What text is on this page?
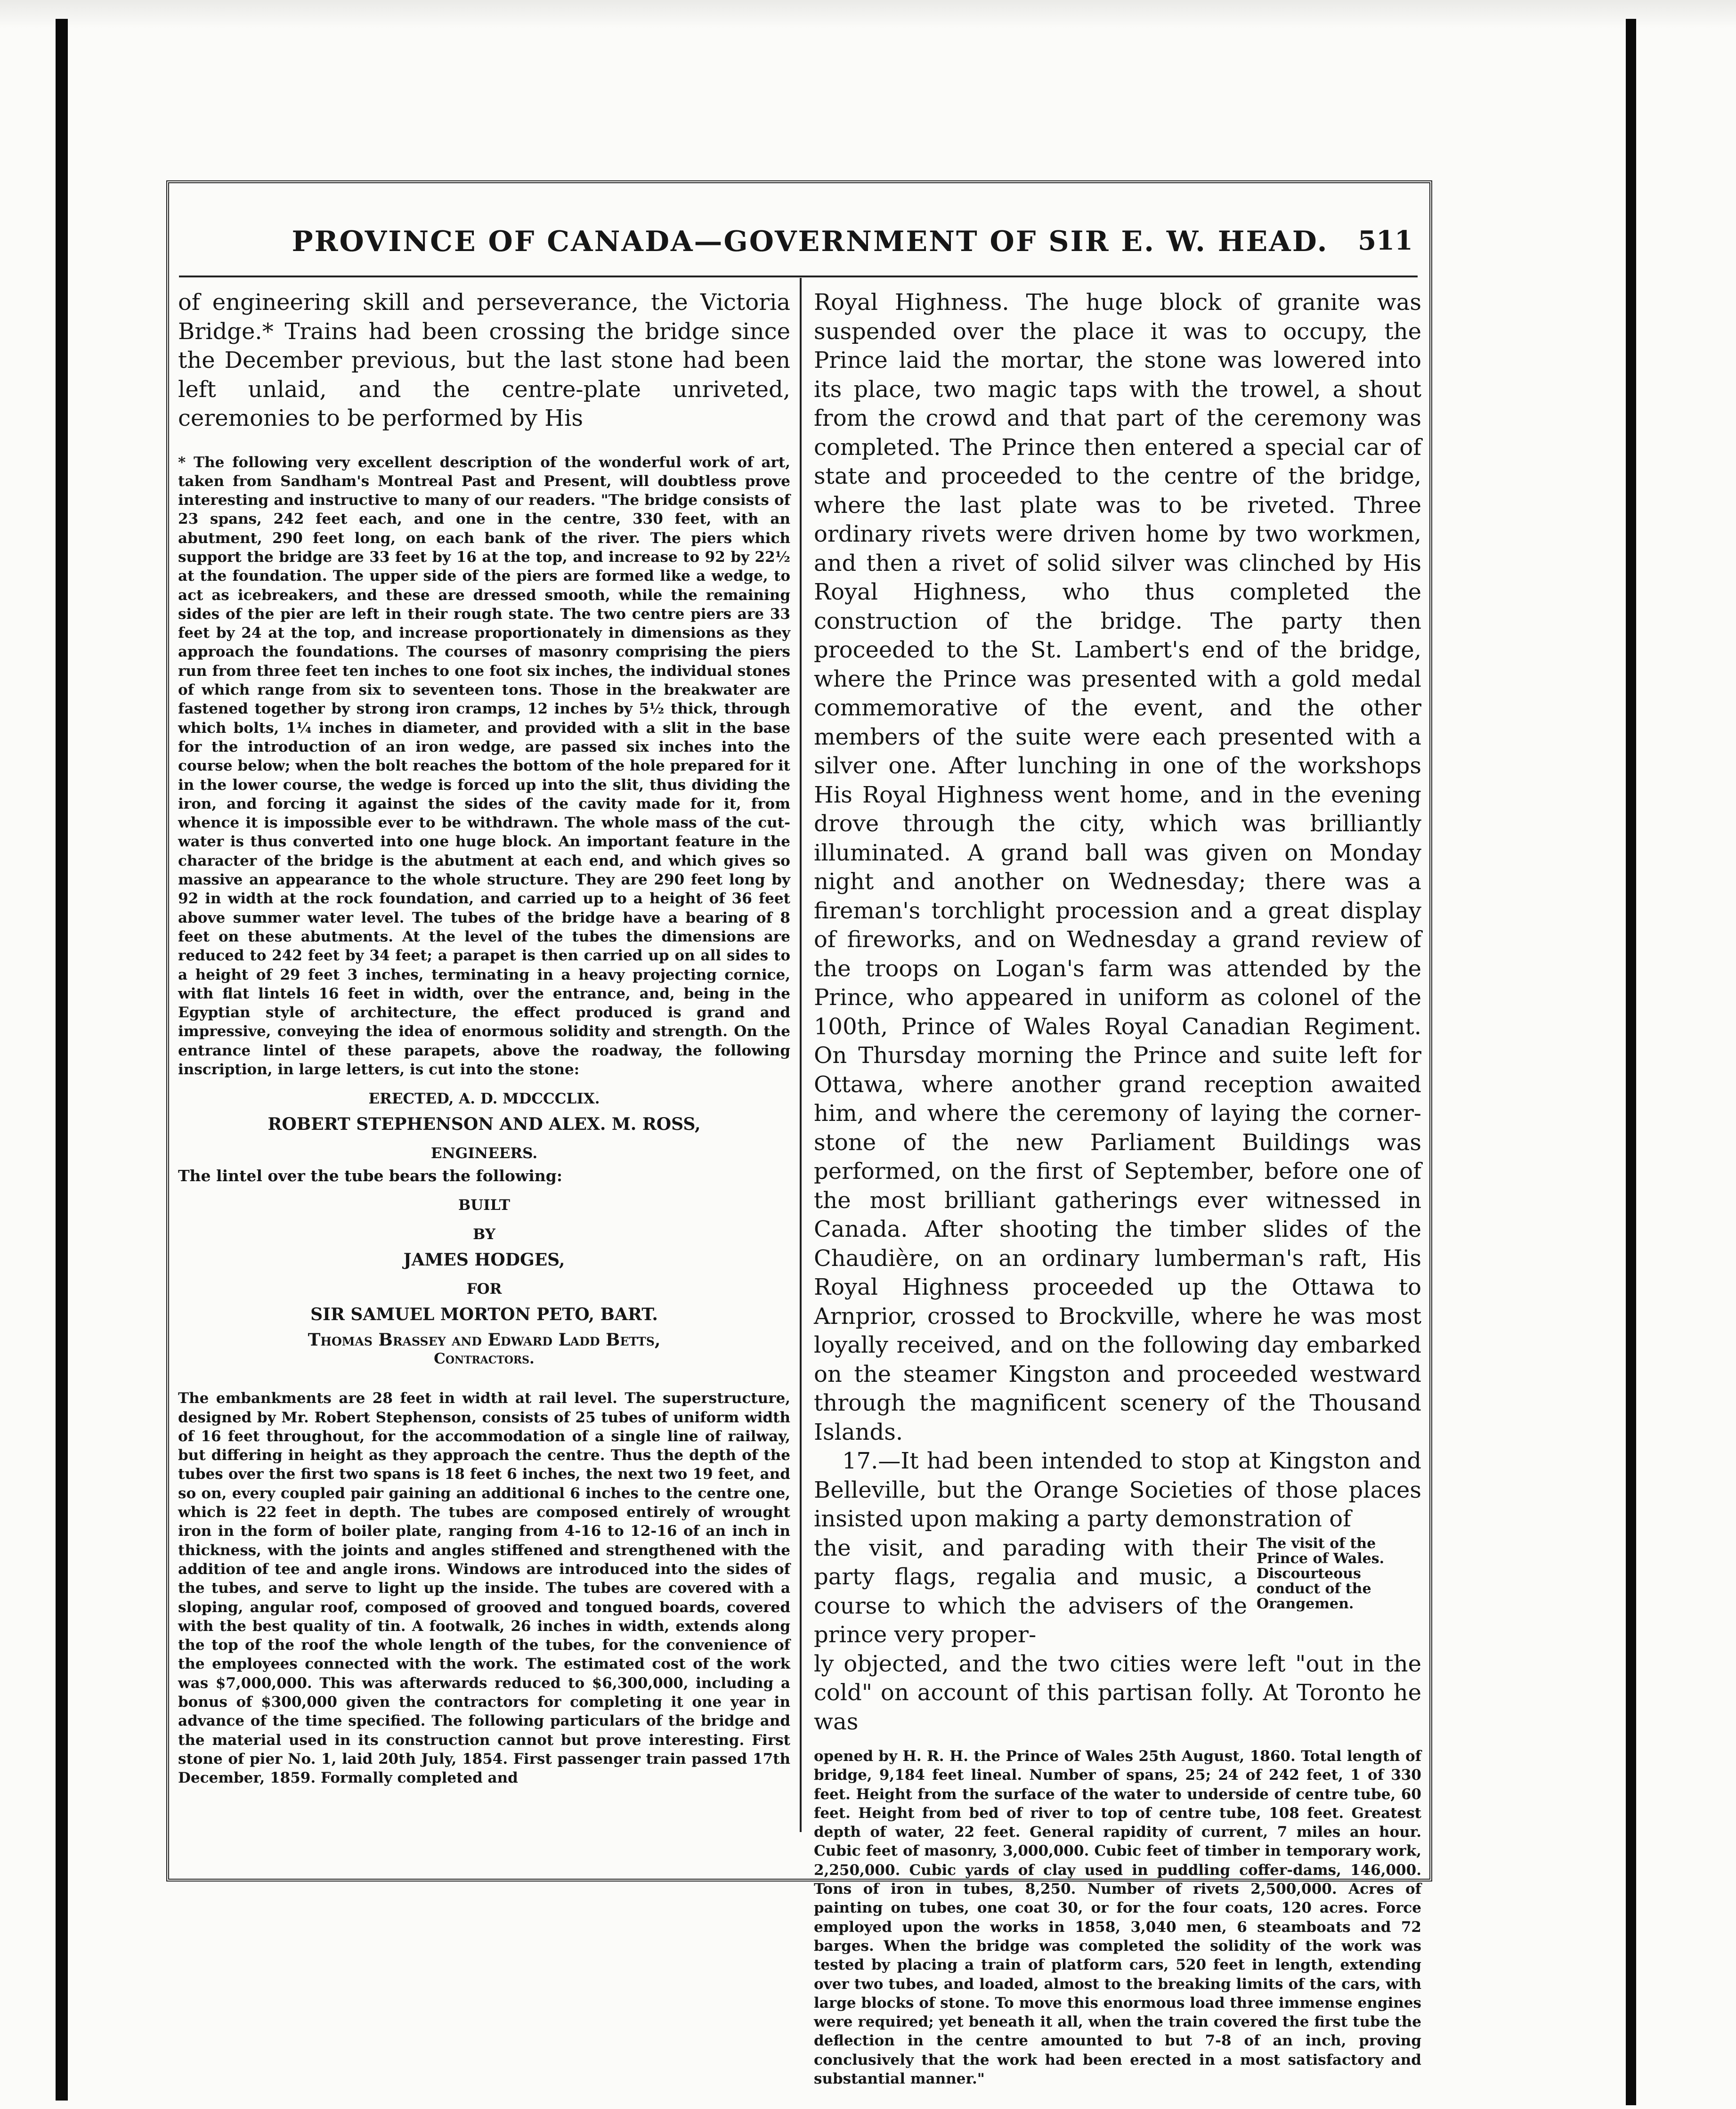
PROVINCE OF CANADA—GOVERNMENT OF SIR E. W. HEAD.	511

of engineering skill and perseverance, the Victoria Bridge.* Trains had been crossing the bridge since the December previous, but the last stone had been left unlaid, and the centre-plate unriveted, ceremonies to be performed by His

* The following very excellent description of the wonderful work of art, taken from Sandham's Montreal Past and Present, will doubtless prove interesting and instructive to many of our readers. "The bridge consists of 23 spans, 242 feet each, and one in the centre, 330 feet, with an abutment, 290 feet long, on each bank of the river. The piers which support the bridge are 33 feet by 16 at the top, and increase to 92 by 22½ at the foundation. The upper side of the piers are formed like a wedge, to act as icebreakers, and these are dressed smooth, while the remaining sides of the pier are left in their rough state. The two centre piers are 33 feet by 24 at the top, and increase proportionately in dimensions as they approach the foundations. The courses of masonry comprising the piers run from three feet ten inches to one foot six inches, the individual stones of which range from six to seventeen tons. Those in the breakwater are fastened together by strong iron cramps, 12 inches by 5½ thick, through which bolts, 1¼ inches in diameter, and provided with a slit in the base for the introduction of an iron wedge, are passed six inches into the course below; when the bolt reaches the bottom of the hole prepared for it in the lower course, the wedge is forced up into the slit, thus dividing the iron, and forcing it against the sides of the cavity made for it, from whence it is impossible ever to be withdrawn. The whole mass of the cut-water is thus converted into one huge block. An important feature in the character of the bridge is the abutment at each end, and which gives so massive an appearance to the whole structure. They are 290 feet long by 92 in width at the rock foundation, and carried up to a height of 36 feet above summer water level. The tubes of the bridge have a bearing of 8 feet on these abutments. At the level of the tubes the dimensions are reduced to 242 feet by 34 feet; a parapet is then carried up on all sides to a height of 29 feet 3 inches, terminating in a heavy projecting cornice, with flat lintels 16 feet in width, over the entrance, and, being in the Egyptian style of architecture, the effect produced is grand and impressive, conveying the idea of enormous solidity and strength. On the entrance lintel of these parapets, above the roadway, the following inscription, in large letters, is cut into the stone:

ERECTED, A. D. MDCCCLIX.
ROBERT STEPHENSON AND ALEX. M. ROSS,
ENGINEERS.
The lintel over the tube bears the following:
BUILT
BY
JAMES HODGES,
FOR
SIR SAMUEL MORTON PETO, BART.
Thomas Brassey and Edward Ladd Betts,
Contractors.

The embankments are 28 feet in width at rail level. The superstructure, designed by Mr. Robert Stephenson, consists of 25 tubes of uniform width of 16 feet throughout, for the accommodation of a single line of railway, but differing in height as they approach the centre. Thus the depth of the tubes over the first two spans is 18 feet 6 inches, the next two 19 feet, and so on, every coupled pair gaining an additional 6 inches to the centre one, which is 22 feet in depth. The tubes are composed entirely of wrought iron in the form of boiler plate, ranging from 4-16 to 12-16 of an inch in thickness, with the joints and angles stiffened and strengthened with the addition of tee and angle irons. Windows are introduced into the sides of the tubes, and serve to light up the inside. The tubes are covered with a sloping, angular roof, composed of grooved and tongued boards, covered with the best quality of tin. A footwalk, 26 inches in width, extends along the top of the roof the whole length of the tubes, for the convenience of the employees connected with the work. The estimated cost of the work was $7,000,000. This was afterwards reduced to $6,300,000, including a bonus of $300,000 given the contractors for completing it one year in advance of the time specified. The following particulars of the bridge and the material used in its construction cannot but prove interesting. First stone of pier No. 1, laid 20th July, 1854. First passenger train passed 17th December, 1859. Formally completed and

Royal Highness. The huge block of granite was suspended over the place it was to occupy, the Prince laid the mortar, the stone was lowered into its place, two magic taps with the trowel, a shout from the crowd and that part of the ceremony was completed. The Prince then entered a special car of state and proceeded to the centre of the bridge, where the last plate was to be riveted. Three ordinary rivets were driven home by two workmen, and then a rivet of solid silver was clinched by His Royal Highness, who thus completed the construction of the bridge. The party then proceeded to the St. Lambert's end of the bridge, where the Prince was presented with a gold medal commemorative of the event, and the other members of the suite were each presented with a silver one. After lunching in one of the workshops His Royal Highness went home, and in the evening drove through the city, which was brilliantly illuminated. A grand ball was given on Monday night and another on Wednesday; there was a fireman's torchlight procession and a great display of fireworks, and on Wednesday a grand review of the troops on Logan's farm was attended by the Prince, who appeared in uniform as colonel of the 100th, Prince of Wales Royal Canadian Regiment. On Thursday morning the Prince and suite left for Ottawa, where another grand reception awaited him, and where the ceremony of laying the corner-stone of the new Parliament Buildings was performed, on the first of September, before one of the most brilliant gatherings ever witnessed in Canada. After shooting the timber slides of the Chaudière, on an ordinary lumberman's raft, His Royal Highness proceeded up the Ottawa to Arnprior, crossed to Brockville, where he was most loyally received, and on the following day embarked on the steamer Kingston and proceeded westward through the magnificent scenery of the Thousand Islands.

17.—It had been intended to stop at Kingston and Belleville, but the Orange Societies of those places insisted upon making a party demonstration of

the visit, and parading with their party flags, regalia and music, a course to which the advisers of the prince very proper-

The visit of the Prince of Wales. Discourteous conduct of the Orangemen.

ly objected, and the two cities were left "out in the cold" on account of this partisan folly. At Toronto he was

opened by H. R. H. the Prince of Wales 25th August, 1860. Total length of bridge, 9,184 feet lineal. Number of spans, 25; 24 of 242 feet, 1 of 330 feet. Height from the surface of the water to underside of centre tube, 60 feet. Height from bed of river to top of centre tube, 108 feet. Greatest depth of water, 22 feet. General rapidity of current, 7 miles an hour. Cubic feet of masonry, 3,000,000. Cubic feet of timber in temporary work, 2,250,000. Cubic yards of clay used in puddling coffer-dams, 146,000. Tons of iron in tubes, 8,250. Number of rivets 2,500,000. Acres of painting on tubes, one coat 30, or for the four coats, 120 acres. Force employed upon the works in 1858, 3,040 men, 6 steamboats and 72 barges. When the bridge was completed the solidity of the work was tested by placing a train of platform cars, 520 feet in length, extending over two tubes, and loaded, almost to the breaking limits of the cars, with large blocks of stone. To move this enormous load three immense engines were required; yet beneath it all, when the train covered the first tube the deflection in the centre amounted to but 7-8 of an inch, proving conclusively that the work had been erected in a most satisfactory and substantial manner."
